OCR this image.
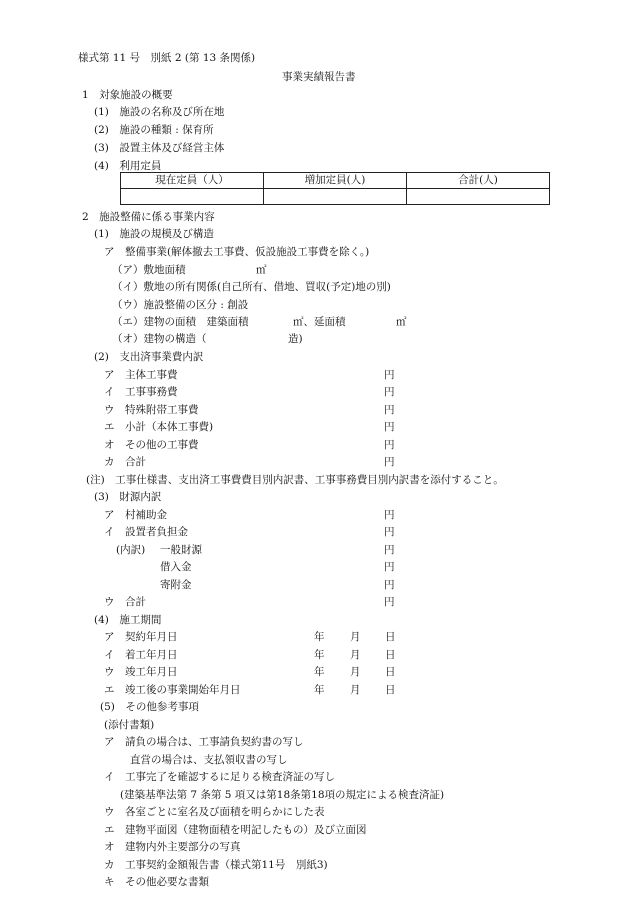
様式第 11 号　別紙 2 (第 13 条関係)
事業実績報告書
1　対象施設の概要
(1)　施設の名称及び所在地
(2)　施設の種類 : 保育所
(3)　設置主体及び経営主体
(4)　利用定員
現在定員（人）	増加定員(人)	合計(人)

2　施設整備に係る事業内容
(1)　施設の規模及び構造
ア　整備事業(解体撤去工事費、仮設施設工事費を除く。)
（ア）敷地面積	㎡
（イ）敷地の所有関係(自己所有、借地、買収(予定)地の別)
（ウ）施設整備の区分 : 創設
（エ）建物の面積　建築面積	㎡、延面積	㎡
（オ）建物の構造（	造)
(2)　支出済事業費内訳
ア　主体工事費	円
イ　工事事務費	円
ウ　特殊附帯工事費	円
エ　小計（本体工事費)	円
オ　その他の工事費	円
カ　合計	円
(注)　工事仕様書、支出済工事費費目別内訳書、工事事務費目別内訳書を添付すること。
(3)　財源内訳
ア　村補助金	円
イ　設置者負担金	円
(内訳) 一般財源	円
借入金	円
寄附金	円
ウ　合計	円
(4)　施工期間
ア　契約年月日	年 月 日
イ　着工年月日	年 月 日
ウ　竣工年月日	年 月 日
エ　竣工後の事業開始年月日	年 月 日
(5)　その他参考事項
(添付書類)
ア　請負の場合は、工事請負契約書の写し
直営の場合は、支払領収書の写し
イ　工事完了を確認するに足りる検査済証の写し
(建築基準法第 7 条第 5 項又は第18条第18項の規定による検査済証)
ウ　各室ごとに室名及び面積を明らかにした表
エ　建物平面図（建物面積を明記したもの）及び立面図
オ　建物内外主要部分の写真
カ　工事契約金額報告書（様式第11号　別紙3)
キ　その他必要な書類
